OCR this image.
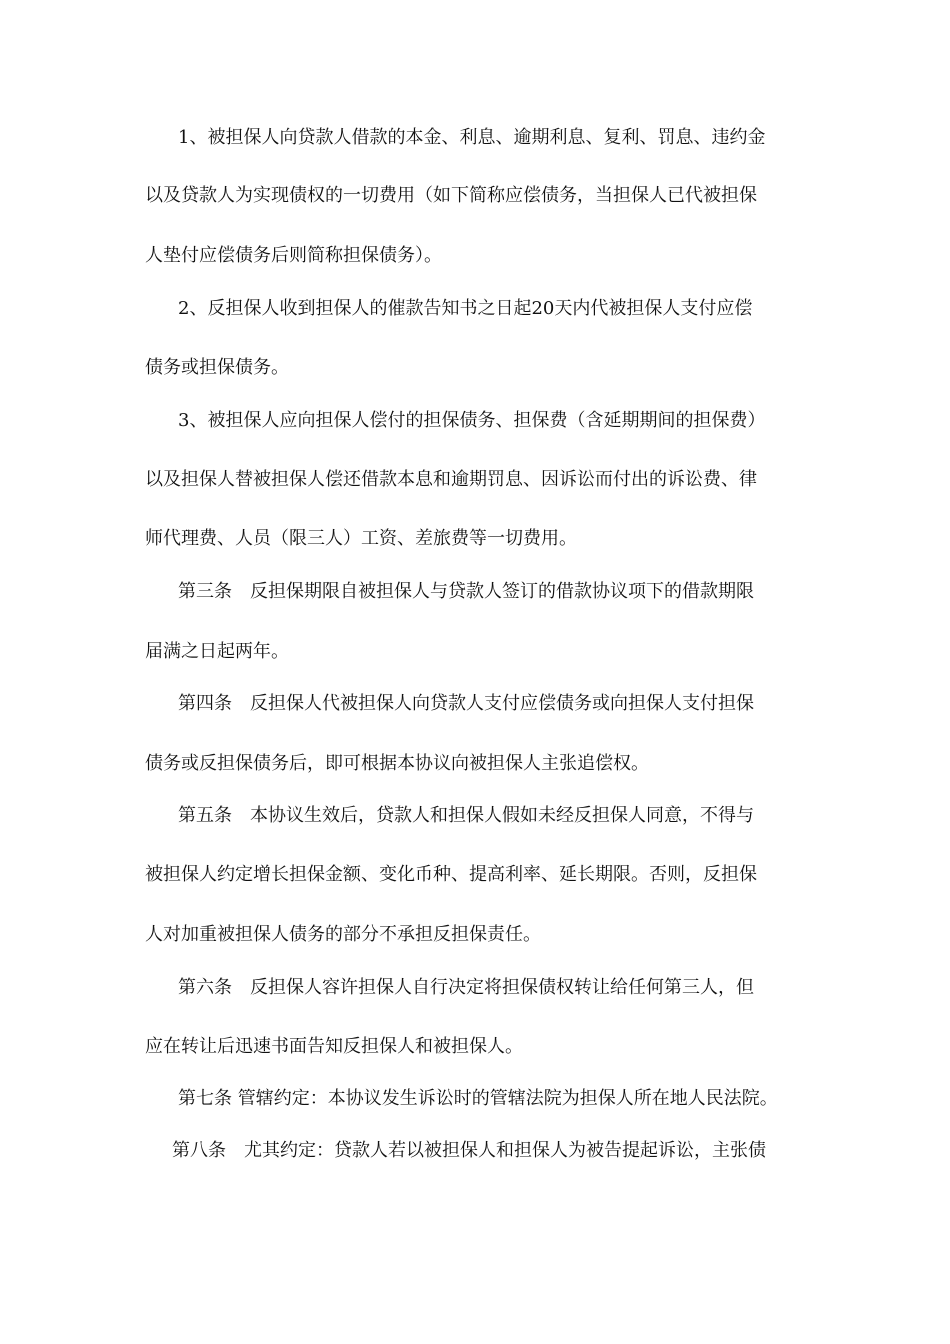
1、被担保人向贷款人借款的本金、利息、逾期利息、复利、罚息、违约金
以及贷款人为实现债权的一切费用（如下简称应偿债务，当担保人已代被担保
人垫付应偿债务后则简称担保债务）。
2、反担保人收到担保人的催款告知书之日起20天内代被担保人支付应偿
债务或担保债务。
3、被担保人应向担保人偿付的担保债务、担保费（含延期期间的担保费）
以及担保人替被担保人偿还借款本息和逾期罚息、因诉讼而付出的诉讼费、律
师代理费、人员（限三人）工资、差旅费等一切费用。
第三条　反担保期限自被担保人与贷款人签订的借款协议项下的借款期限
届满之日起两年。
第四条　反担保人代被担保人向贷款人支付应偿债务或向担保人支付担保
债务或反担保债务后，即可根据本协议向被担保人主张追偿权。
第五条　本协议生效后，贷款人和担保人假如未经反担保人同意，不得与
被担保人约定增长担保金额、变化币种、提高利率、延长期限。否则，反担保
人对加重被担保人债务的部分不承担反担保责任。
第六条　反担保人容许担保人自行决定将担保债权转让给任何第三人，但
应在转让后迅速书面告知反担保人和被担保人。
第七条 管辖约定：本协议发生诉讼时的管辖法院为担保人所在地人民法院。
第八条　尤其约定：贷款人若以被担保人和担保人为被告提起诉讼，主张债
